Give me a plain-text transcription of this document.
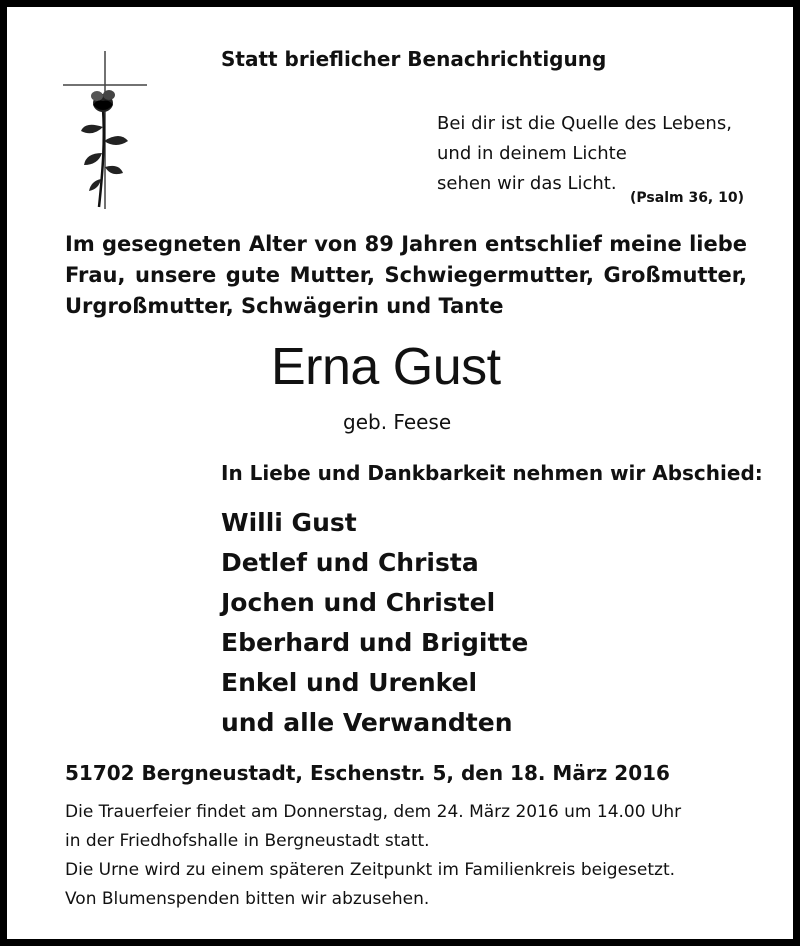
Statt brieflicher Benachrichtigung
Bei dir ist die Quelle des Lebens,
und in deinem Lichte
sehen wir das Licht.
(Psalm 36, 10)
Im gesegneten Alter von 89 Jahren entschlief meine liebe
Frau, unsere gute Mutter, Schwiegermutter, Großmutter,
Urgroßmutter, Schwägerin und Tante
Erna Gust
geb. Feese
In Liebe und Dankbarkeit nehmen wir Abschied:
Willi Gust
Detlef und Christa
Jochen und Christel
Eberhard und Brigitte
Enkel und Urenkel
und alle Verwandten
51702 Bergneustadt, Eschenstr. 5, den 18. März 2016
Die Trauerfeier findet am Donnerstag, dem 24. März 2016 um 14.00 Uhr
in der Friedhofshalle in Bergneustadt statt.
Die Urne wird zu einem späteren Zeitpunkt im Familienkreis beigesetzt.
Von Blumenspenden bitten wir abzusehen.
